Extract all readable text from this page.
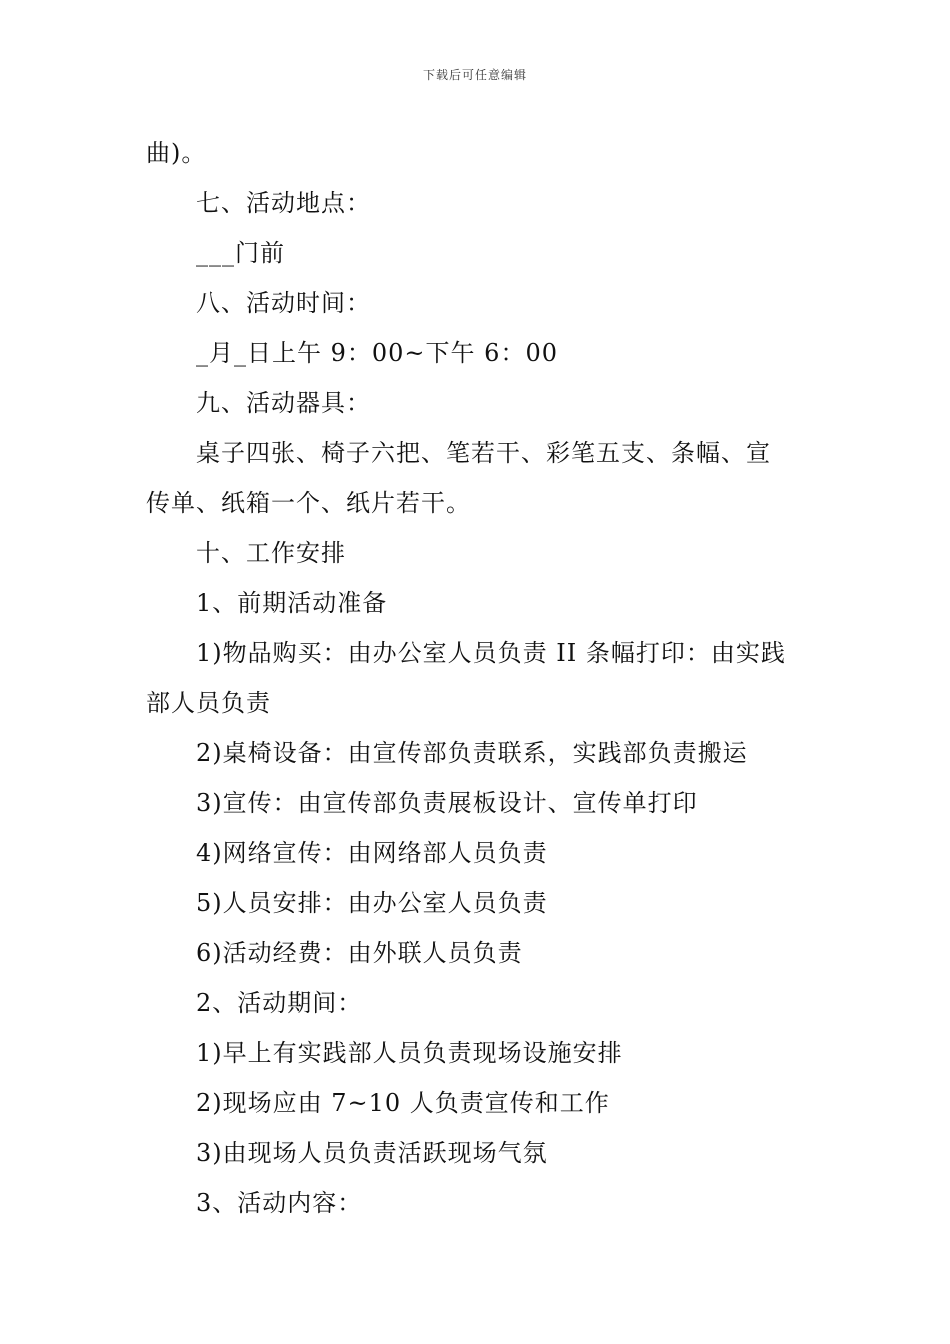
下载后可任意编辑
曲)。
七、活动地点：
___门前
八、活动时间：
_月_日上午 9：00~下午 6：00
九、活动器具：
桌子四张、椅子六把、笔若干、彩笔五支、条幅、宣
传单、纸箱一个、纸片若干。
十、工作安排
1、前期活动准备
1)物品购买：由办公室人员负责 II 条幅打印：由实践
部人员负责
2)桌椅设备：由宣传部负责联系，实践部负责搬运
3)宣传：由宣传部负责展板设计、宣传单打印
4)网络宣传：由网络部人员负责
5)人员安排：由办公室人员负责
6)活动经费：由外联人员负责
2、活动期间：
1)早上有实践部人员负责现场设施安排
2)现场应由 7~10 人负责宣传和工作
3)由现场人员负责活跃现场气氛
3、活动内容：
